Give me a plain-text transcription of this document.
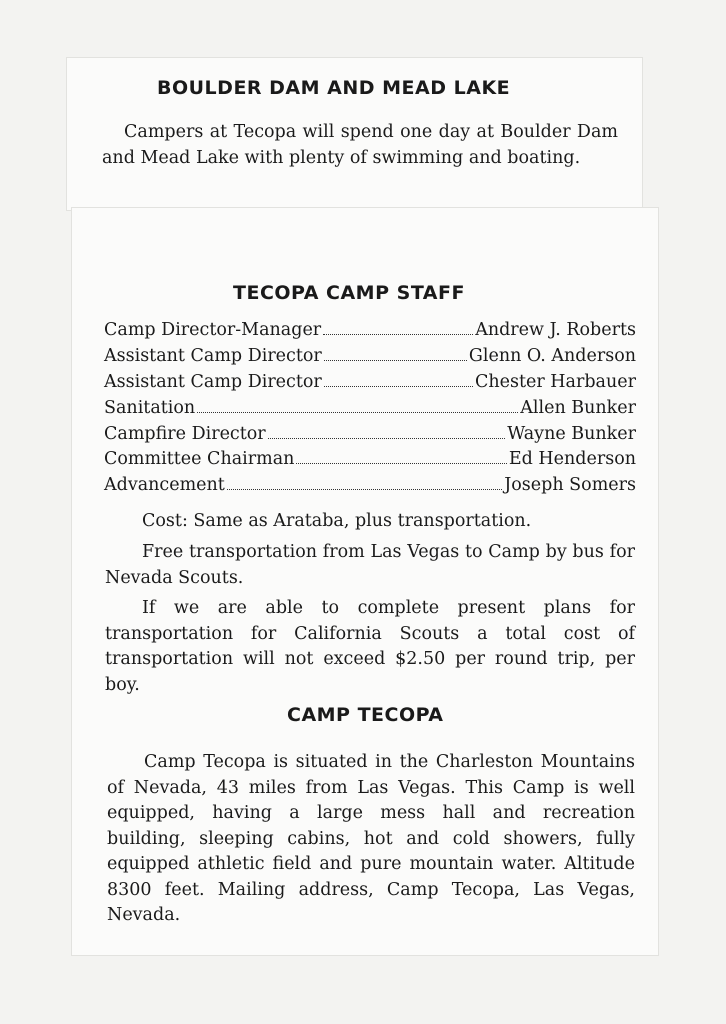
BOULDER DAM AND MEAD LAKE

Campers at Tecopa will spend one day at Boulder Dam and Mead Lake with plenty of swimming and boating.

TECOPA CAMP STAFF
Camp Director-Manager	Andrew J. Roberts
Assistant Camp Director	Glenn O. Anderson
Assistant Camp Director	Chester Harbauer
Sanitation	Allen Bunker
Campfire Director	Wayne Bunker
Committee Chairman	Ed Henderson
Advancement	Joseph Somers

Cost: Same as Arataba, plus transportation.

Free transportation from Las Vegas to Camp by bus for Nevada Scouts.

If we are able to complete present plans for transportation for California Scouts a total cost of transportation will not exceed $2.50 per round trip, per boy.

CAMP TECOPA

Camp Tecopa is situated in the Charleston Mountains of Nevada, 43 miles from Las Vegas. This Camp is well equipped, having a large mess hall and recreation building, sleeping cabins, hot and cold showers, fully equipped athletic field and pure mountain water. Altitude 8300 feet. Mailing address, Camp Tecopa, Las Vegas, Nevada.
